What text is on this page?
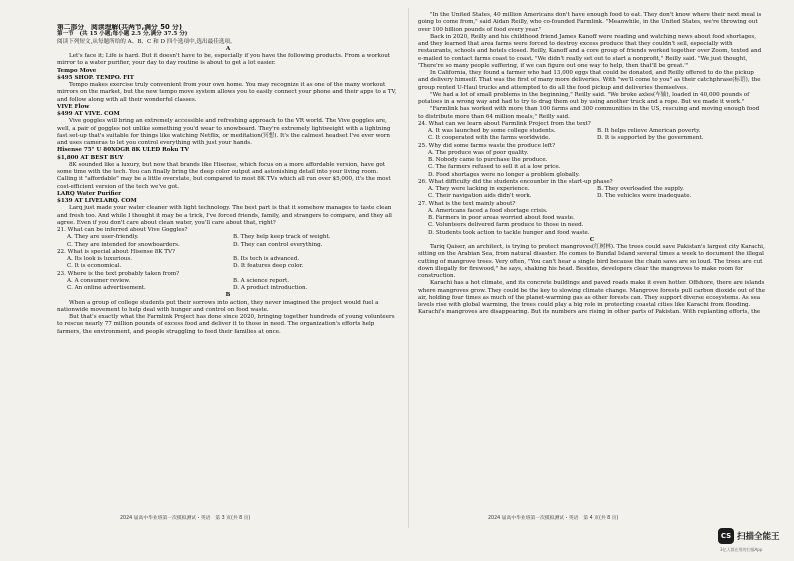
第二部分　阅读理解(共两节,满分 50 分)

第一节　(共 15 小题;每小题 2.5 分,满分 37.5 分)

阅读下列短文,从每题所给的 A、B、C 和 D 四个选项中,选出最佳选项。

A

Let's face it; Life is hard. But it doesn't have to be, especially if you have the following products. From a workout mirror to a water purifier, your day to day routine is about to get a lot easier.

Tempo Move

$495 SHOP. TEMPO. FIT

Tempo makes exercise truly convenient from your own home. You may recognize it as one of the many workout mirrors on the market, but the new tempo move system allows you to easily connect your phone and their apps to a TV, and follow along with all their wonderful classes.

VIVE Flow

$499 AT VIVE. COM

Vive goggles will bring an extremely accessible and refreshing approach to the VR world. The Vive goggles are, well, a pair of goggles not unlike something you'd wear to snowboard. They're extremely lightweight with a lightning fast set-up that's suitable for things like watching Netflix, or meditation(冥想). It's the calmest headset I've ever worn and uses cameras to let you control everything with just your hands.

Hisense 75" U 80XOGR 8K ULED Roku TV

$1,800 AT BEST BUY

8K sounded like a luxury, but now that brands like Hisense, which focus on a more affordable version, have got some time with the tech. You can finally bring the deep color output and astonishing detail into your living room. Calling it "affordable" may be a little overstate, but compared to most 8K TVs which all run over $5,000, it's the most cost-efficient version of the tech we've got.

LARQ Water Purifier

$139 AT LIVELARQ. COM

Larq just made your water cleaner with light technology. The best part is that it somehow manages to taste clean and fresh too. And while I thought it may be a trick, I've forced friends, family, and strangers to compare, and they all agree. Even if you don't care about clean water, you'll care about that, right?

21. What can be inferred about Vive Goggles?

A. They are user-friendly.	B. They help keep track of weight.
C. They are intended for snowboarders.	D. They can control everything.

22. What is special about Hisense 8K TV?

A. Its look is luxurious.	B. Its tech is advanced.
C. It is economical.	D. It features deep color.

23. Where is the text probably taken from?

A. A consumer review.	B. A science report.
C. An online advertisement.	D. A product introduction.

B

When a group of college students put their sorrows into action, they never imagined the project would fuel a nationwide movement to help deal with hunger and control on food waste.

But that's exactly what the Farmlink Project has done since 2020, bringing together hundreds of young volunteers to rescue nearly 77 million pounds of excess food and deliver it to those in need. The organization's efforts help farmers, the environment, and people struggling to feed their families at once.

"In the United States, 40 million Americans don't have enough food to eat. They don't know where their next meal is going to come from," said Aidan Reilly, who co-founded Farmlink. "Meanwhile, in the United States, we're throwing out over 100 billion pounds of food every year."

Back in 2020, Reilly and his childhood friend James Kanoff were reading and watching news about food shortages, and they learned that area farms were forced to destroy excess produce that they couldn't sell, especially with restaurants, schools and hotels closed. Reilly, Kanoff and a core group of friends worked together over Zoom, texted and e-mailed to contact farms coast to coast. "We didn't really set out to start a nonprofit," Reilly said. "We just thought, 'There're so many people suffering, if we can figure out one way to help, then that'll be great.'"

In California, they found a farmer who had 13,000 eggs that could be donated, and Reilly offered to do the pickup and delivery himself. That was the first of many more deliveries. With "we'll come to you" as their catchphrase(标语), the group rented U-Haul trucks and attempted to do all the food pickup and deliveries themselves.

"We had a lot of small problems in the beginning," Reilly said. "We broke axles(车轴), loaded in 40,000 pounds of potatoes in a wrong way and had to try to drag them out by using another truck and a rope. But we made it work."

"Farmlink has worked with more than 100 farms and 300 communities in the US, rescuing and moving enough food to distribute more than 64 million meals," Reilly said.

24. What can we learn about Farmlink Project from the text?

A. It was launched by some college students.	B. It helps relieve American poverty.
C. It cooperated with the farms worldwide.	D. It is supported by the government.

25. Why did some farms waste the produce left?

A. The produce was of poor quality.

B. Nobody came to purchase the produce.

C. The farmers refused to sell it at a low price.

D. Food shortages were no longer a problem globally.

26. What difficulty did the students encounter in the start-up phase?

A. They were lacking in experience.	B. They overloaded the supply.
C. Their navigation aids didn't work.	D. The vehicles were inadequate.

27. What is the text mainly about?

A. Americans faced a food shortage crisis.

B. Farmers in poor areas worried about food waste.

C. Volunteers delivered farm produce to those in need.

D. Students took action to tackle hunger and food waste.

C

Tariq Qaiser, an architect, is trying to protect mangroves(红树林). The trees could save Pakistan's largest city Karachi, sitting on the Arabian Sea, from natural disaster. He comes to Bundal Island several times a week to document the illegal cutting of mangrove trees. Very often, "You can't hear a single bird because the chain saws are so loud. The trees are cut down illegally for firewood," he says, shaking his head. Besides, developers clear the mangroves to make room for construction.

Karachi has a hot climate, and its concrete buildings and paved roads make it even hotter. Offshore, there are islands where mangroves grow. They could be the key to slowing climate change. Mangrove forests pull carbon dioxide out of the air, holding four times as much of the planet-warming gas as other forests can. They support diverse ecosystems. As sea levels rise with global warming, the trees could play a big role in protecting coastal cities like Karachi from flooding. Karachi's mangroves are disappearing. But its numbers are rising in other parts of Pakistan. With replanting efforts, the

2024 届高中毕业班第一次模拟测试・英语　第 3 页(共 8 页)	2024 届高中毕业班第一次模拟测试・英语　第 4 页(共 8 页)
CS 扫描全能王
3亿人都在用的扫描App
